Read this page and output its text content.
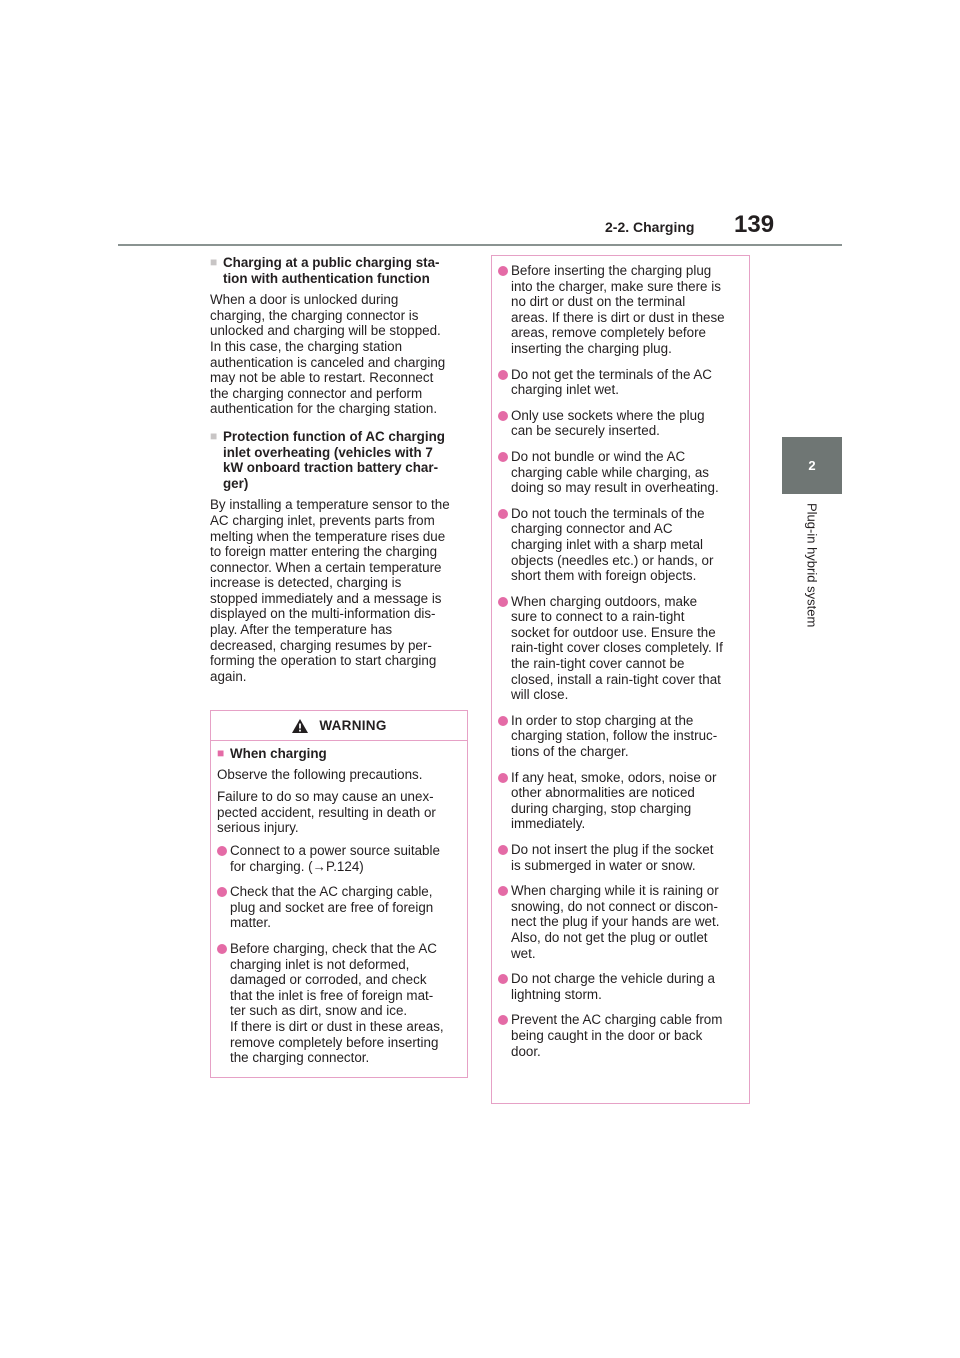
2-2. Charging 139
2
Plug-in hybrid system
■ Charging at a public charging sta-
tion with authentication function
When a door is unlocked during
charging, the charging connector is
unlocked and charging will be stopped.
In this case, the charging station
authentication is canceled and charging
may not be able to restart. Reconnect
the charging connector and perform
authentication for the charging station.
■ Protection function of AC charging
inlet overheating (vehicles with 7
kW onboard traction battery char-
ger)
By installing a temperature sensor to the
AC charging inlet, prevents parts from
melting when the temperature rises due
to foreign matter entering the charging
connector. When a certain temperature
increase is detected, charging is
stopped immediately and a message is
displayed on the multi-information dis-
play. After the temperature has
decreased, charging resumes by per-
forming the operation to start charging
again.
WARNING
■ When charging
Observe the following precautions.
Failure to do so may cause an unex-
pected accident, resulting in death or
serious injury.
Connect to a power source suitable
for charging. (→P.124)
Check that the AC charging cable,
plug and socket are free of foreign
matter.
Before charging, check that the AC
charging inlet is not deformed,
damaged or corroded, and check
that the inlet is free of foreign mat-
ter such as dirt, snow and ice.
If there is dirt or dust in these areas,
remove completely before inserting
the charging connector.
Before inserting the charging plug
into the charger, make sure there is
no dirt or dust on the terminal
areas. If there is dirt or dust in these
areas, remove completely before
inserting the charging plug.
Do not get the terminals of the AC
charging inlet wet.
Only use sockets where the plug
can be securely inserted.
Do not bundle or wind the AC
charging cable while charging, as
doing so may result in overheating.
Do not touch the terminals of the
charging connector and AC
charging inlet with a sharp metal
objects (needles etc.) or hands, or
short them with foreign objects.
When charging outdoors, make
sure to connect to a rain-tight
socket for outdoor use. Ensure the
rain-tight cover closes completely. If
the rain-tight cover cannot be
closed, install a rain-tight cover that
will close.
In order to stop charging at the
charging station, follow the instruc-
tions of the charger.
If any heat, smoke, odors, noise or
other abnormalities are noticed
during charging, stop charging
immediately.
Do not insert the plug if the socket
is submerged in water or snow.
When charging while it is raining or
snowing, do not connect or discon-
nect the plug if your hands are wet.
Also, do not get the plug or outlet
wet.
Do not charge the vehicle during a
lightning storm.
Prevent the AC charging cable from
being caught in the door or back
door.
